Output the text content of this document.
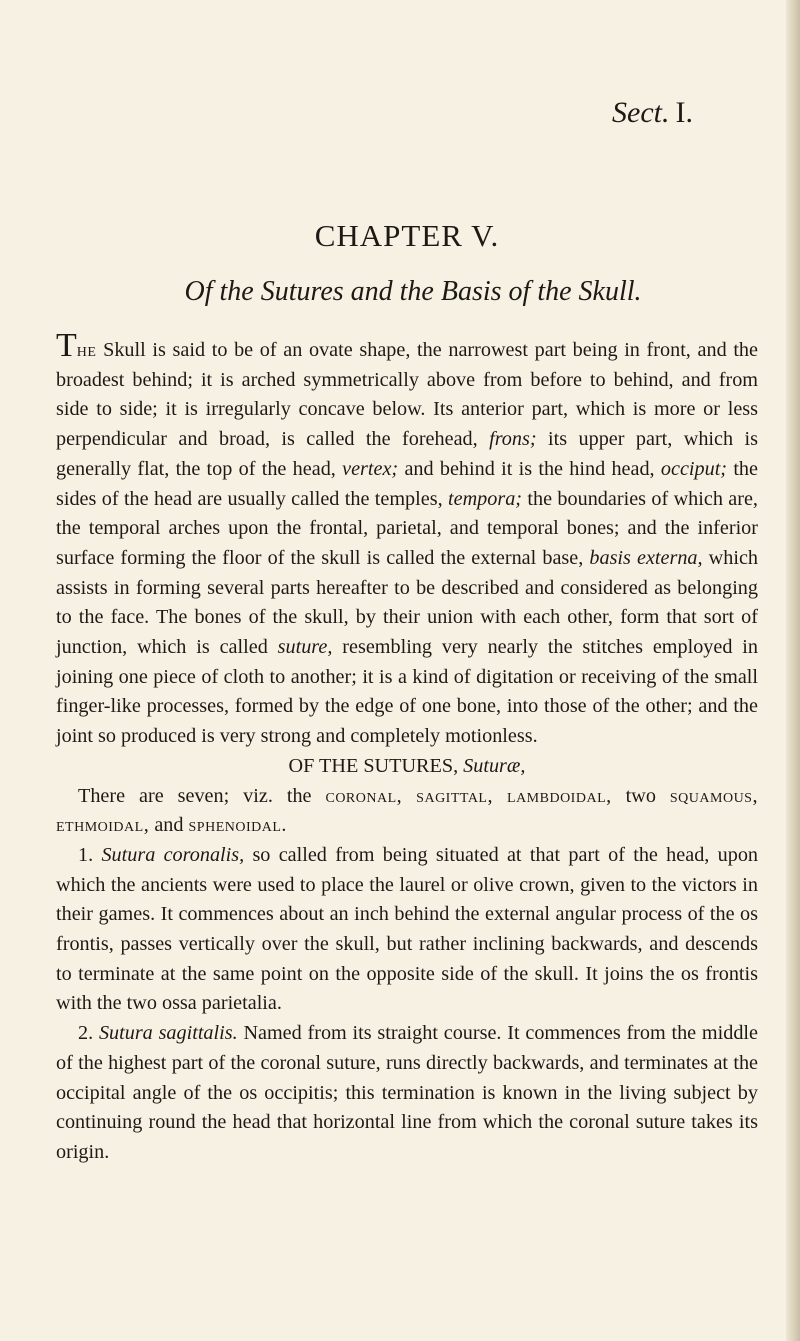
Sect. I.
CHAPTER V.
Of the Sutures and the Basis of the Skull.

The Skull is said to be of an ovate shape, the narrowest part being in front, and the broadest behind; it is arched symmetrically above from before to behind, and from side to side; it is irregularly concave below. Its anterior part, which is more or less perpendicular and broad, is called the forehead, frons; its upper part, which is generally flat, the top of the head, vertex; and behind it is the hind head, occiput; the sides of the head are usually called the temples, tempora; the boundaries of which are, the temporal arches upon the frontal, parietal, and temporal bones; and the inferior surface forming the floor of the skull is called the external base, basis externa, which assists in forming several parts hereafter to be described and considered as belonging to the face. The bones of the skull, by their union with each other, form that sort of junction, which is called suture, resembling very nearly the stitches employed in joining one piece of cloth to another; it is a kind of digitation or receiving of the small finger-like processes, formed by the edge of one bone, into those of the other; and the joint so produced is very strong and completely motionless.

OF THE SUTURES, Suturæ,

There are seven; viz. the coronal, sagittal, lambdoidal, two squamous, ethmoidal, and sphenoidal.

1. Sutura coronalis, so called from being situated at that part of the head, upon which the ancients were used to place the laurel or olive crown, given to the victors in their games. It commences about an inch behind the external angular process of the os frontis, passes vertically over the skull, but rather inclining backwards, and descends to terminate at the same point on the opposite side of the skull. It joins the os frontis with the two ossa parietalia.

2. Sutura sagittalis. Named from its straight course. It commences from the middle of the highest part of the coronal suture, runs directly backwards, and terminates at the occipital angle of the os occipitis; this termination is known in the living subject by continuing round the head that horizontal line from which the coronal suture takes its origin.
